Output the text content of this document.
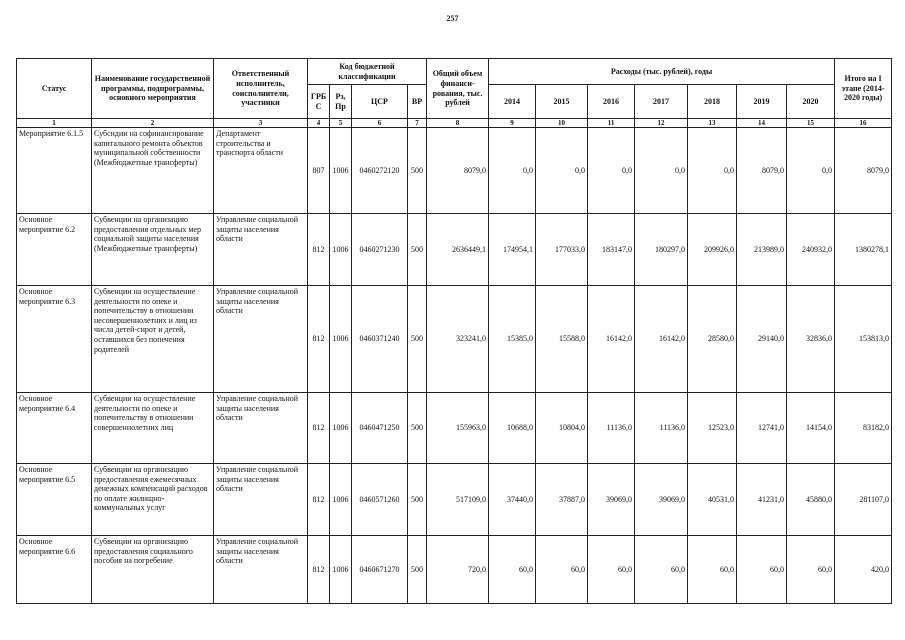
257
Статус	Наименование государственной программы, подпрограммы, основного мероприятия	Ответственный исполнитель, соисполнители, участники	Код бюджетной классификации				Общий объем финанси-рования, тыс. рублей	Расходы (тыс. рублей), годы							Итого на I этапе (2014-2020 годы)
			ГРБ С	Рз, Пр	ЦСР	ВР		2014	2015	2016	2017	2018	2019	2020	
1	2	3	4	5	6	7	8	9	10	11	12	13	14	15	16
Мероприятие 6.1.5	Субсидии на софинансирование капитального ремонта объектов муниципальной собственности (Межбюджетные трансферты)	Департамент строительства и транспорта области	807	1006	0460272120	500	8079,0	0,0	0,0	0,0	0,0	0,0	8079,0	0,0	8079,0
Основное мероприятие 6.2	Субвенции на организацию предоставления отдельных мер социальной защиты населения (Межбюджетные трансферты)	Управление социальной защиты населения области	812	1006	0460271230	500	2636449,1	174954,1	177033,0	183147,0	180297,0	209926,0	213989,0	240932,0	1380278,1
Основное мероприятие 6.3	Субвенции на осуществление деятельности по опеке и попечительству в отношении несовершеннолетних и лиц из числа детей-сирот и детей, оставшихся без попечения родителей	Управление социальной защиты населения области	812	1006	0460371240	500	323241,0	15385,0	15588,0	16142,0	16142,0	28580,0	29140,0	32836,0	153813,0
Основное мероприятие 6.4	Субвенции на осуществление деятельности по опеке и попечительству в отношении совершеннолетних лиц	Управление социальной защиты населения области	812	1006	0460471250	500	155963,0	10688,0	10804,0	11136,0	11136,0	12523,0	12741,0	14154,0	83182,0
Основное мероприятие 6.5	Субвенции на организацию предоставления ежемесячных денежных компенсаций расходов по оплате жилищно-коммунальных услуг	Управление социальной защиты населения области	812	1006	0460571260	500	517109,0	37440,0	37887,0	39069,0	39069,0	40531,0	41231,0	45880,0	281107,0
Основное мероприятие 6.6	Субвенции на организацию предоставления социального пособия на погребение	Управление социальной защиты населения области	812	1006	0460671270	500	720,0	60,0	60,0	60,0	60,0	60,0	60,0	60,0	420,0
